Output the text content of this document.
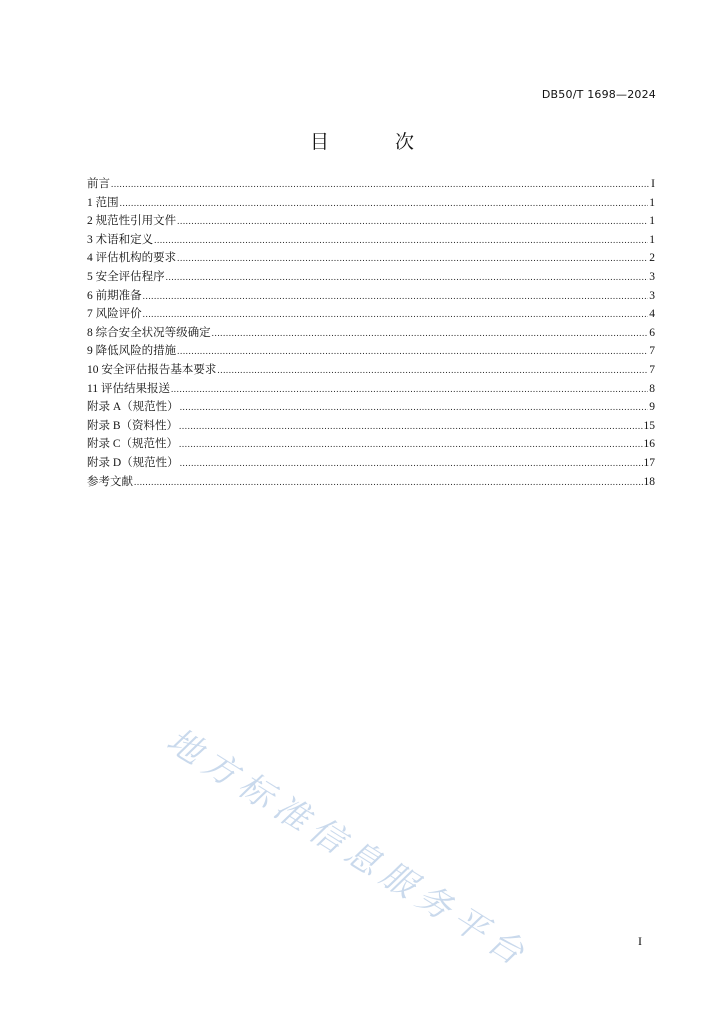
DB50/T 1698—2024
目 次
前言 .....	I
1 范围 .....	1
2 规范性引用文件 .....	1
3 术语和定义 .....	1
4 评估机构的要求 .....	2
5 安全评估程序 .....	3
6 前期准备 .....	3
7 风险评价 .....	4
8 综合安全状况等级确定 .....	6
9 降低风险的措施 .....	7
10 安全评估报告基本要求 .....	7
11 评估结果报送 .....	8
附录 A（规范性） .....	9
附录 B（资料性） .....	15
附录 C（规范性） .....	16
附录 D（规范性） .....	17
参考文献 .....	18
地方标准信息服务平台	I
